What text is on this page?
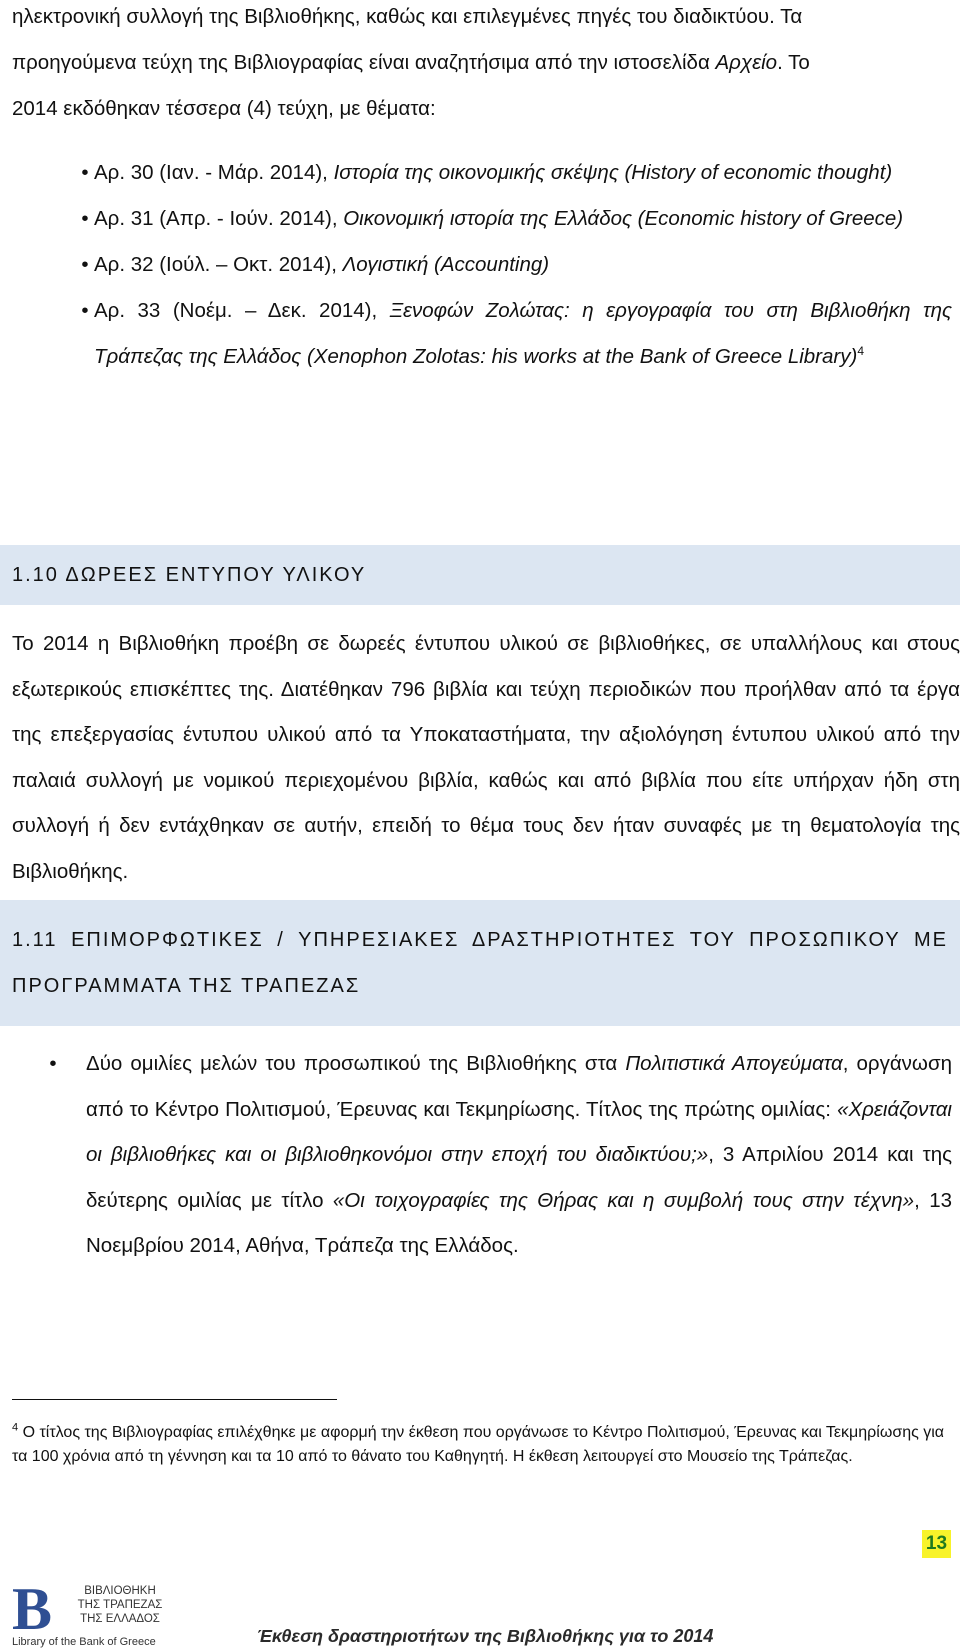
ηλεκτρονική συλλογή της Βιβλιοθήκης, καθώς και επιλεγμένες πηγές του διαδικτύου. Τα

προηγούμενα τεύχη της Βιβλιογραφίας είναι αναζητήσιμα από την ιστοσελίδα Αρχείο. Το

2014 εκδόθηκαν τέσσερα (4) τεύχη, με θέματα:

• Αρ. 30 (Ιαν. - Μάρ. 2014), Ιστορία της οικονομικής σκέψης (History of economic thought)
• Αρ. 31 (Απρ. - Ιούν. 2014), Οικονομική ιστορία της Ελλάδος (Economic history of Greece)
• Αρ. 32 (Ιούλ. – Οκτ. 2014), Λογιστική (Accounting)
• Αρ. 33 (Νοέμ. – Δεκ. 2014), Ξενοφών Ζολώτας: η εργογραφία του στη Βιβλιοθήκη της Τράπεζας της Ελλάδος (Xenophon Zolotas: his works at the Bank of Greece Library)$^4$
1.10 ΔΩΡΕΕΣ ΕΝΤΥΠΟΥ ΥΛΙΚΟΥ

Το 2014 η Βιβλιοθήκη προέβη σε δωρεές έντυπου υλικού σε βιβλιοθήκες, σε υπαλλήλους και στους εξωτερικούς επισκέπτες της. Διατέθηκαν 796 βιβλία και τεύχη περιοδικών που προήλθαν από τα έργα της επεξεργασίας έντυπου υλικού από τα Υποκαταστήματα, την αξιολόγηση έντυπου υλικού από την παλαιά συλλογή με νομικού περιεχομένου βιβλία, καθώς και από βιβλία που είτε υπήρχαν ήδη στη συλλογή ή δεν εντάχθηκαν σε αυτήν, επειδή το θέμα τους δεν ήταν συναφές με τη θεματολογία της Βιβλιοθήκης.

1.11 ΕΠΙΜΟΡΦΩΤΙΚΕΣ / ΥΠΗΡΕΣΙΑΚΕΣ ΔΡΑΣΤΗΡΙΟΤΗΤΕΣ ΤΟΥ ΠΡΟΣΩΠΙΚΟΥ ΜΕ
ΠΡΟΓΡΑΜΜΑΤΑ ΤΗΣ ΤΡΑΠΕΖΑΣ
• Δύο ομιλίες μελών του προσωπικού της Βιβλιοθήκης στα Πολιτιστικά Απογεύματα, οργάνωση από το Κέντρο Πολιτισμού, Έρευνας και Τεκμηρίωσης. Τίτλος της πρώτης ομιλίας: «Χρειάζονται οι βιβλιοθήκες και οι βιβλιοθηκονόμοι στην εποχή του διαδικτύου;», 3 Απριλίου 2014 και της δεύτερης ομιλίας με τίτλο «Οι τοιχογραφίες της Θήρας και η συμβολή τους στην τέχνη», 13 Νοεμβρίου 2014, Αθήνα, Τράπεζα της Ελλάδος.

$^4$ Ο τίτλος της Βιβλιογραφίας επιλέχθηκε με αφορμή την έκθεση που οργάνωσε το Κέντρο Πολιτισμού, Έρευνας και Τεκμηρίωσης για τα 100 χρόνια από τη γέννηση και τα 10 από το θάνατο του Καθηγητή. Η έκθεση λειτουργεί στο Μουσείο της Τράπεζας.

13
B	ΒΙΒΛΙΟΘΗΚΗ
ΤΗΣ ΤΡΑΠΕΖΑΣ
ΤΗΣ ΕΛΛΑΔΟΣ
Library of the Bank of Greece	Έκθεση δραστηριοτήτων της Βιβλιοθήκης για το 2014
